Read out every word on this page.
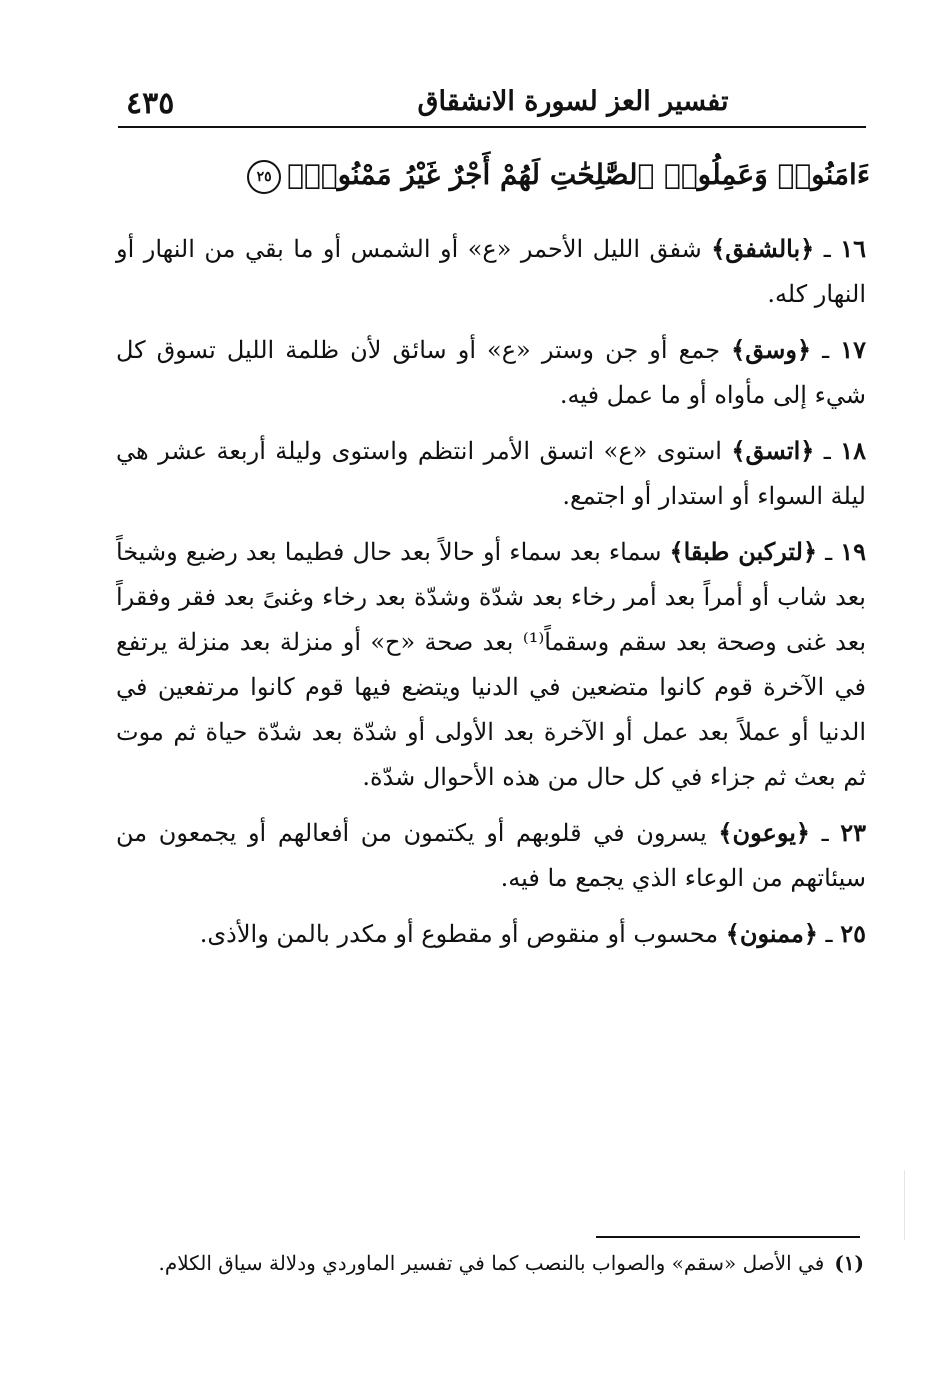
٤٣٥	تفسير العز لسورة الانشقاق
ءَامَنُوا۟ وَعَمِلُوا۟ ٱلصَّٰلِحَٰتِ لَهُمْ أَجْرٌ غَيْرُ مَمْنُونٍۭ٢٥

١٦ ـ ﴿بالشفق﴾ شفق الليل الأحمر «ع» أو الشمس أو ما بقي من النهار أو النهار كله.

١٧ ـ ﴿وسق﴾ جمع أو جن وستر «ع» أو سائق لأن ظلمة الليل تسوق كل شيء إلى مأواه أو ما عمل فيه.

١٨ ـ ﴿اتسق﴾ استوى «ع» اتسق الأمر انتظم واستوى وليلة أربعة عشر هي ليلة السواء أو استدار أو اجتمع.

١٩ ـ ﴿لتركبن طبقا﴾ سماء بعد سماء أو حالاً بعد حال فطيما بعد رضيع وشيخاً بعد شاب أو أمراً بعد أمر رخاء بعد شدّة وشدّة بعد رخاء وغنىً بعد فقر وفقراً بعد غنى وصحة بعد سقم وسقماً⁽¹⁾ بعد صحة «ح» أو منزلة بعد منزلة يرتفع في الآخرة قوم كانوا متضعين في الدنيا ويتضع فيها قوم كانوا مرتفعين في الدنيا أو عملاً بعد عمل أو الآخرة بعد الأولى أو شدّة بعد شدّة حياة ثم موت ثم بعث ثم جزاء في كل حال من هذه الأحوال شدّة.

٢٣ ـ ﴿يوعون﴾ يسرون في قلوبهم أو يكتمون من أفعالهم أو يجمعون من سيئاتهم من الوعاء الذي يجمع ما فيه.

٢٥ ـ ﴿ممنون﴾ محسوب أو منقوص أو مقطوع أو مكدر بالمن والأذى.

(١)في الأصل «سقم» والصواب بالنصب كما في تفسير الماوردي ودلالة سياق الكلام.
